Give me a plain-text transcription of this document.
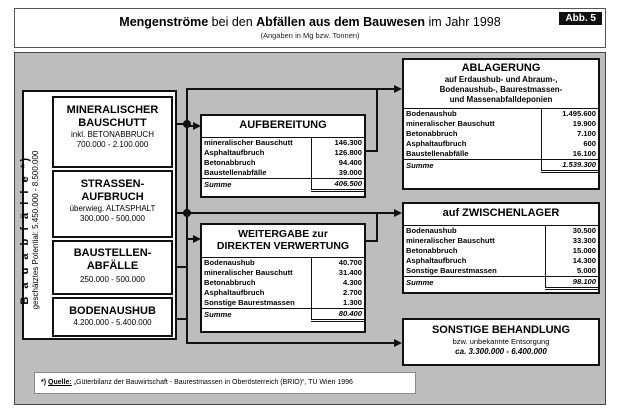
Mengenströme bei den Abfällen aus dem Bauwesen im Jahr 1998
(Angaben in Mg bzw. Tonnen)
Abb. 5
B a u a b f ä l l e *) geschätztes Potential: 5.450.000 - 8.500.000
MINERALISCHER
BAUSCHUTT
inkl. BETONABBRUCH
700.000 - 2.100.000
STRASSEN-
AUFBRUCH
überwieg. ALTASPHALT
300.000 - 500.000
BAUSTELLEN-
ABFÄLLE
250.000 - 500.000
BODENAUSHUB
4.200.000 - 5.400.000
AUFBEREITUNG
mineralischer Bauschutt	146.300
Asphaltaufbruch	126.800
Betonabbruch	94.400
Baustellenabfälle	39.000
Summe	406.500
WEITERGABE zur
DIREKTEN VERWERTUNG
Bodenaushub	40.700
mineralischer Bauschutt	31.400
Betonabbruch	4.300
Asphaltaufbruch	2.700
Sonstige Baurestmassen	1.300
Summe	80.400
ABLAGERUNG
auf Erdaushub- und Abraum-,
Bodenaushub-, Baurestmassen-
und Massenabfalldeponien
Bodenaushub	1.495.600
mineralischer Bauschutt	19.900
Betonabbruch	7.100
Asphaltaufbruch	600
Baustellenabfälle	16.100
Summe	1.539.300
auf ZWISCHENLAGER
Bodenaushub	30.500
mineralischer Bauschutt	33.300
Betonabbruch	15.000
Asphaltaufbruch	14.300
Sonstige Baurestmassen	5.000
Summe	98.100
SONSTIGE BEHANDLUNG
bzw. unbekannte Entsorgung
ca. 3.300.000 - 6.400.000
*) Quelle: „Güterbilanz der Bauwirtschaft - Baurestmassen in Oberösterreich (BRIO)“, TU Wien 1996
